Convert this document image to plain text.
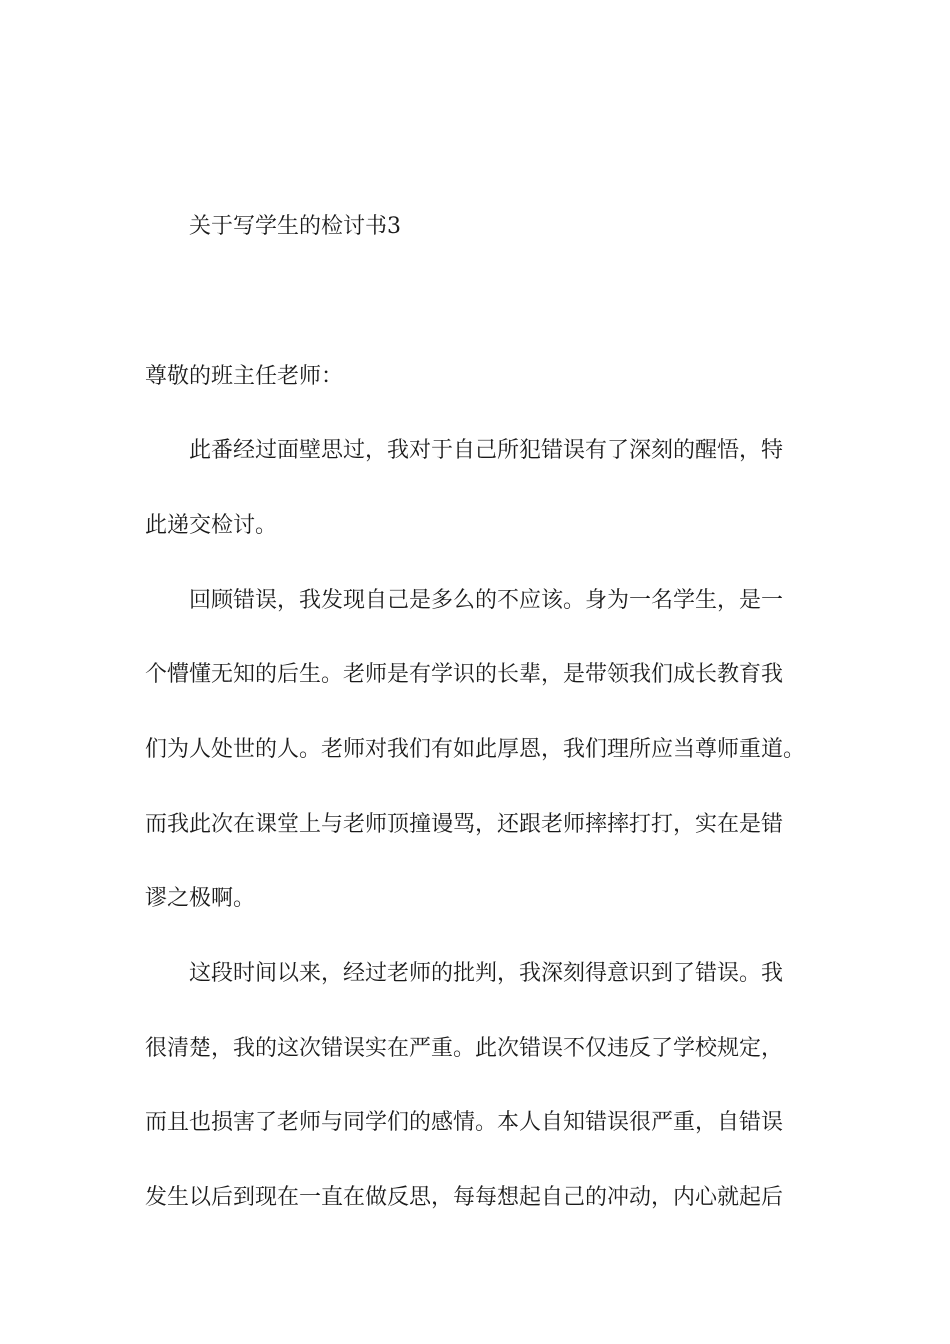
关于写学生的检讨书3
尊敬的班主任老师：
此番经过面壁思过，我对于自己所犯错误有了深刻的醒悟，特
此递交检讨。
回顾错误，我发现自己是多么的不应该。身为一名学生，是一
个懵懂无知的后生。老师是有学识的长辈，是带领我们成长教育我
们为人处世的人。老师对我们有如此厚恩，我们理所应当尊师重道。
而我此次在课堂上与老师顶撞谩骂，还跟老师摔摔打打，实在是错
谬之极啊。
这段时间以来，经过老师的批判，我深刻得意识到了错误。我
很清楚，我的这次错误实在严重。此次错误不仅违反了学校规定，
而且也损害了老师与同学们的感情。本人自知错误很严重，自错误
发生以后到现在一直在做反思，每每想起自己的冲动，内心就起后
